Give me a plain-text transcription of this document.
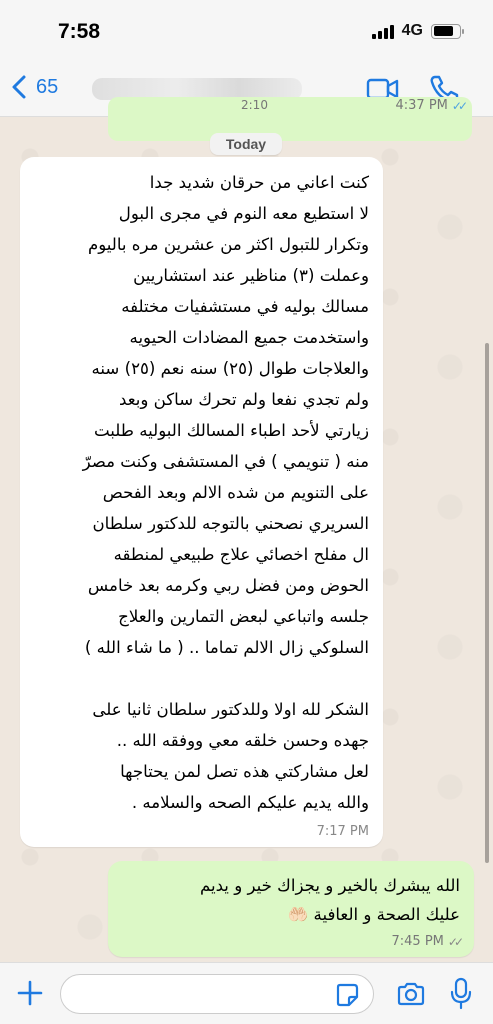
7:58	4G
65
2:10	4:37 PM ✓✓
Today
كنت اعاني من حرقان شديد جدا
لا استطيع معه النوم في مجرى البول
وتكرار للتبول اكثر من عشرين مره باليوم
وعملت (٣) مناظير عند استشاريين
مسالك بوليه في مستشفيات مختلفه
واستخدمت جميع المضادات الحيويه
والعلاجات طوال (٢٥) سنه نعم (٢٥) سنه
ولم تجدي نفعا ولم تحرك ساكن وبعد
زيارتي لأحد اطباء المسالك البوليه طلبت
منه ( تنويمي ) في المستشفى وكنت مصرّ
على التنويم من شده الالم وبعد الفحص
السريري نصحني بالتوجه للدكتور سلطان
ال مفلح اخصائي علاج طبيعي لمنطقه
الحوض ومن فضل ربي وكرمه بعد خامس
جلسه واتباعي لبعض التمارين والعلاج
السلوكي زال الالم تماما .. ( ما شاء الله )

الشكر لله اولا وللدكتور سلطان ثانيا على
جهده وحسن خلقه معي ووفقه الله ..
لعل مشاركتي هذه تصل لمن يحتاجها
والله يديم عليكم الصحه والسلامه .
7:17 PM
الله يبشرك بالخير و يجزاك خير و يديم
عليك الصحة و العافية 🤲🏻
7:45 PM ✓✓
